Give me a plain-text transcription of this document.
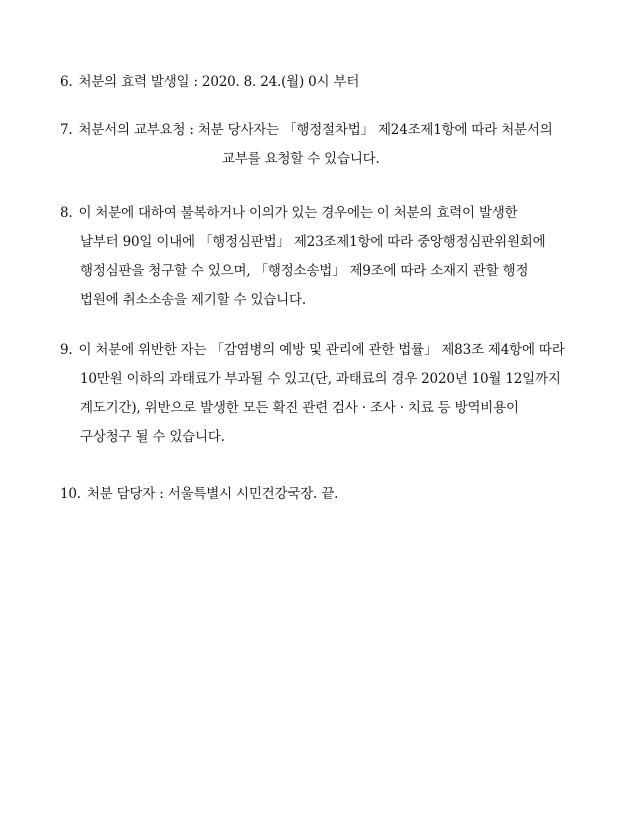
6. 처분의 효력 발생일 : 2020. 8. 24.(월) 0시 부터
7. 처분서의 교부요청 : 처분 당사자는 「행정절차법」 제24조제1항에 따라 처분서의
교부를 요청할 수 있습니다.
8. 이 처분에 대하여 불복하거나 이의가 있는 경우에는 이 처분의 효력이 발생한
날부터 90일 이내에 「행정심판법」 제23조제1항에 따라 중앙행정심판위원회에
행정심판을 청구할 수 있으며, 「행정소송법」 제9조에 따라 소재지 관할 행정
법원에 취소소송을 제기할 수 있습니다.
9. 이 처분에 위반한 자는 「감염병의 예방 및 관리에 관한 법률」 제83조 제4항에 따라
10만원 이하의 과태료가 부과될 수 있고(단, 과태료의 경우 2020년 10월 12일까지
계도기간), 위반으로 발생한 모든 확진 관련 검사 · 조사 · 치료 등 방역비용이
구상청구 될 수 있습니다.
10. 처분 담당자 : 서울특별시 시민건강국장. 끝.
